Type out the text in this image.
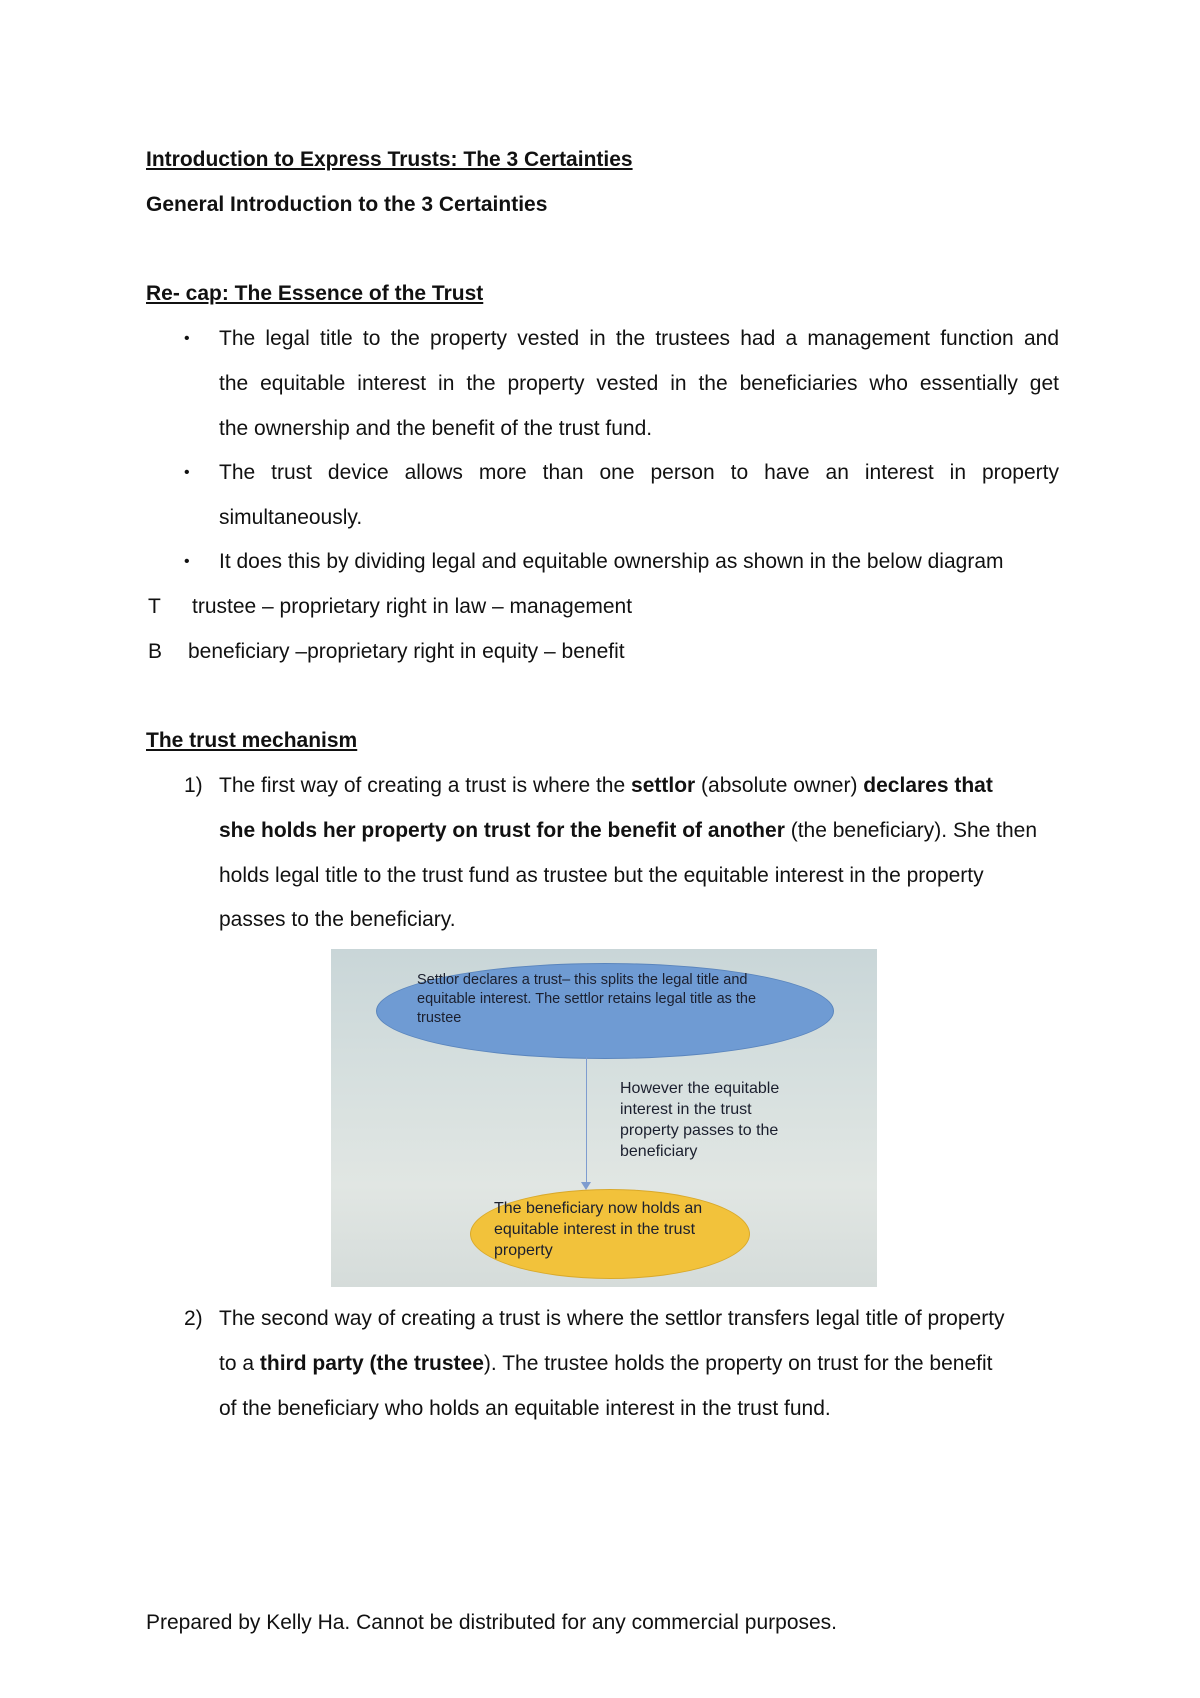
Introduction to Express Trusts: The 3 Certainties
General Introduction to the 3 Certainties
Re- cap: The Essence of the Trust
• The legal title to the property vested in the trustees had a management function and
the equitable interest in the property vested in the beneficiaries who essentially get
the ownership and the benefit of the trust fund.
• The trust device allows more than one person to have an interest in property
simultaneously.
• It does this by dividing legal and equitable ownership as shown in the below diagram
T trustee – proprietary right in law – management
B beneficiary –proprietary right in equity – benefit
The trust mechanism
1) The first way of creating a trust is where the settlor (absolute owner) declares that
she holds her property on trust for the benefit of another (the beneficiary). She then
holds legal title to the trust fund as trustee but the equitable interest in the property
passes to the beneficiary.
Settlor declares a trust– this splits the legal title and
equitable interest. The settlor retains legal title as the
trustee
However the equitable
interest in the trust
property passes to the
beneficiary
The beneficiary now holds an
equitable interest in the trust
property
2) The second way of creating a trust is where the settlor transfers legal title of property
to a third party (the trustee). The trustee holds the property on trust for the benefit
of the beneficiary who holds an equitable interest in the trust fund.
Prepared by Kelly Ha. Cannot be distributed for any commercial purposes.
